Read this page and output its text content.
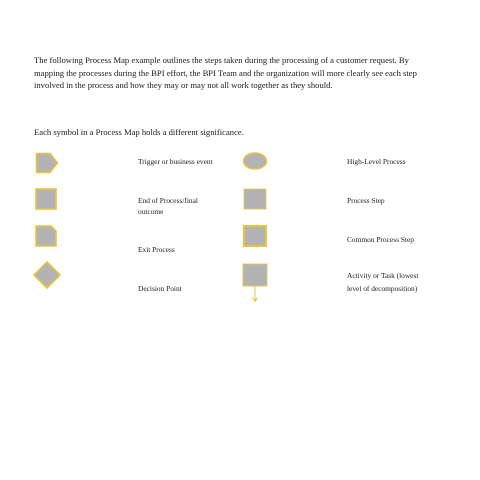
The following Process Map example outlines the steps taken during the processing of a customer request. By mapping the processes during the BPI effort, the BPI Team and the organization will more clearly see each step involved in the process and how they may or may not all work together as they should.

Each symbol in a Process Map holds a different significance.

Trigger or business event
End of Process/final outcome
Exit Process
Decision Point
High-Level Process
Process Step
Common Process Step
Activity or Task (lowest level of decomposition)
